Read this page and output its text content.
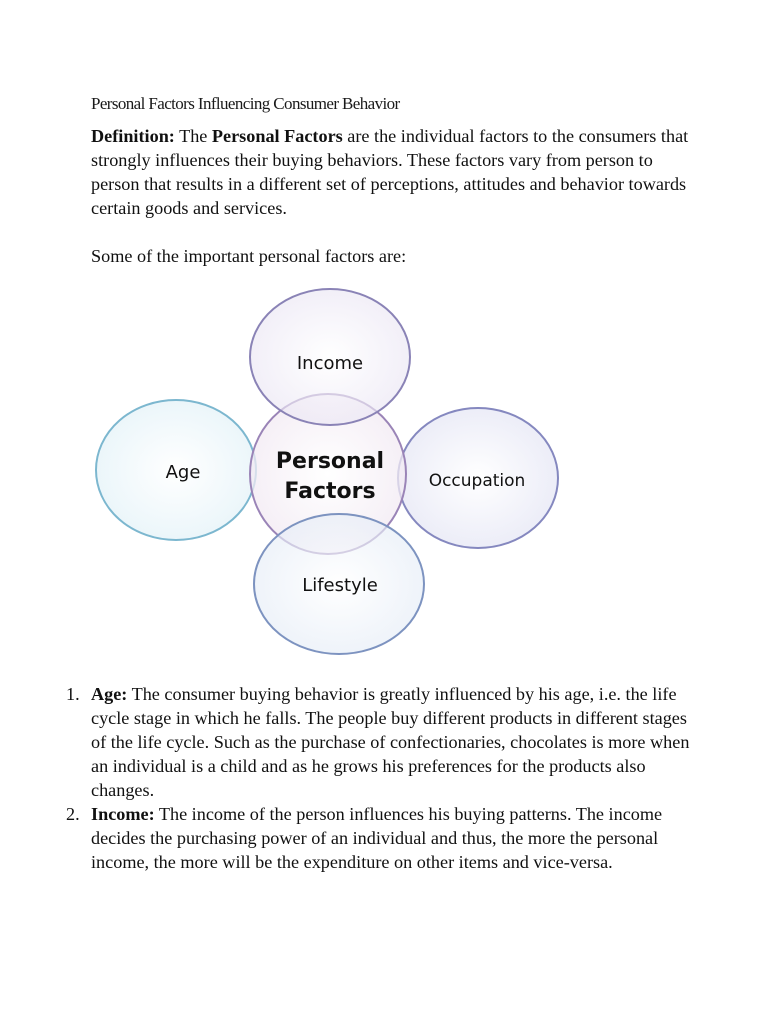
Personal Factors Influencing Consumer Behavior

Definition: The Personal Factors are the individual factors to the consumers that strongly influences their buying behaviors. These factors vary from person to person that results in a different set of perceptions, attitudes and behavior towards certain goods and services.

Some of the important personal factors are:

Income
Age	Occupation
Personal
Factors
Lifestyle
1. Age: The consumer buying behavior is greatly influenced by his age, i.e. the life cycle stage in which he falls. The people buy different products in different stages of the life cycle. Such as the purchase of confectionaries, chocolates is more when an individual is a child and as he grows his preferences for the products also changes.
2. Income: The income of the person influences his buying patterns. The income decides the purchasing power of an individual and thus, the more the personal income, the more will be the expenditure on other items and vice-versa.
